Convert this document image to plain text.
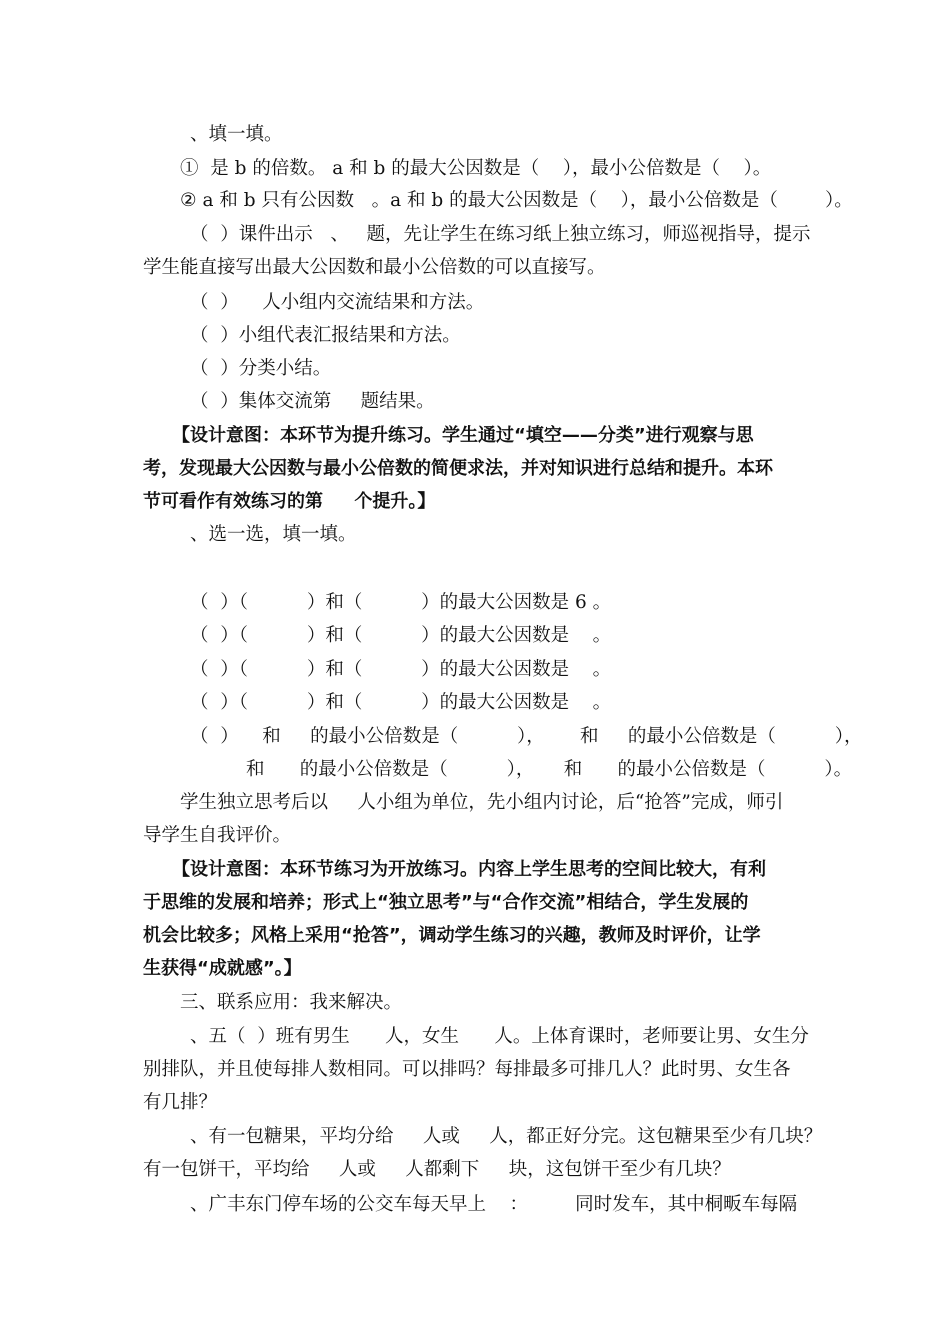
、填一填。
①  是 b 的倍数。 a 和 b 的最大公因数是（    ），最小公倍数是（    ）。
② a 和 b 只有公因数   。a 和 b 的最大公因数是（    ），最小公倍数是（        ）。
（  ）课件出示   、   题，先让学生在练习纸上独立练习，师巡视指导，提示
学生能直接写出最大公因数和最小公倍数的可以直接写。
（  ）    人小组内交流结果和方法。
（  ）小组代表汇报结果和方法。
（  ）分类小结。
（  ）集体交流第     题结果。
【设计意图：本环节为提升练习。学生通过“填空——分类”进行观察与思
考，发现最大公因数与最小公倍数的简便求法，并对知识进行总结和提升。本环
节可看作有效练习的第     个提升。】
、选一选，填一填。
（  ）（          ）和（          ）的最大公因数是 6 。
（  ）（          ）和（          ）的最大公因数是    。
（  ）（          ）和（          ）的最大公因数是    。
（  ）（          ）和（          ）的最大公因数是    。
（  ）    和     的最小公倍数是（          ），      和     的最小公倍数是（          ），
和      的最小公倍数是（          ），     和      的最小公倍数是（          ）。
学生独立思考后以     人小组为单位，先小组内讨论，后“抢答”完成，师引
导学生自我评价。
【设计意图：本环节练习为开放练习。内容上学生思考的空间比较大，有利
于思维的发展和培养；形式上“独立思考”与“合作交流”相结合，学生发展的
机会比较多；风格上采用“抢答”，调动学生练习的兴趣，教师及时评价，让学
生获得“成就感”。】
三、联系应用：我来解决。
、五（  ）班有男生      人，女生      人。上体育课时，老师要让男、女生分
别排队，并且使每排人数相同。可以排吗？每排最多可排几人？此时男、女生各
有几排？
、有一包糖果，平均分给     人或     人，都正好分完。这包糖果至少有几块？
有一包饼干，平均给     人或     人都剩下     块，这包饼干至少有几块？
、广丰东门停车场的公交车每天早上    ：        同时发车，其中桐畈车每隔
